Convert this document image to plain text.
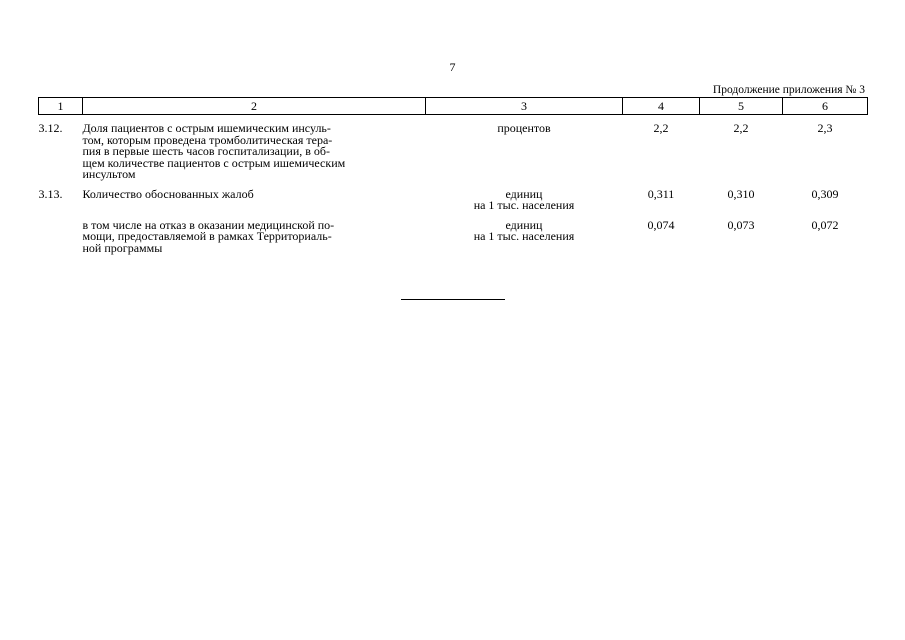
7
Продолжение приложения № 3
1	2	3	4	5	6
3.12.	Доля пациентов с острым ишемическим инсуль-
том, которым проведена тромболитическая тера-
пия в первые шесть часов госпитализации, в об-
щем количестве пациентов с острым ишемическим
инсультом	процентов	2,2	2,2	2,3
3.13.	Количество обоснованных жалоб	единиц
на 1 тыс. населения	0,311	0,310	0,309

	в том числе на отказ в оказании медицинской по-
мощи, предоставляемой в рамках Территориаль-
ной программы	единиц
на 1 тыс. населения	0,074	0,073	0,072
